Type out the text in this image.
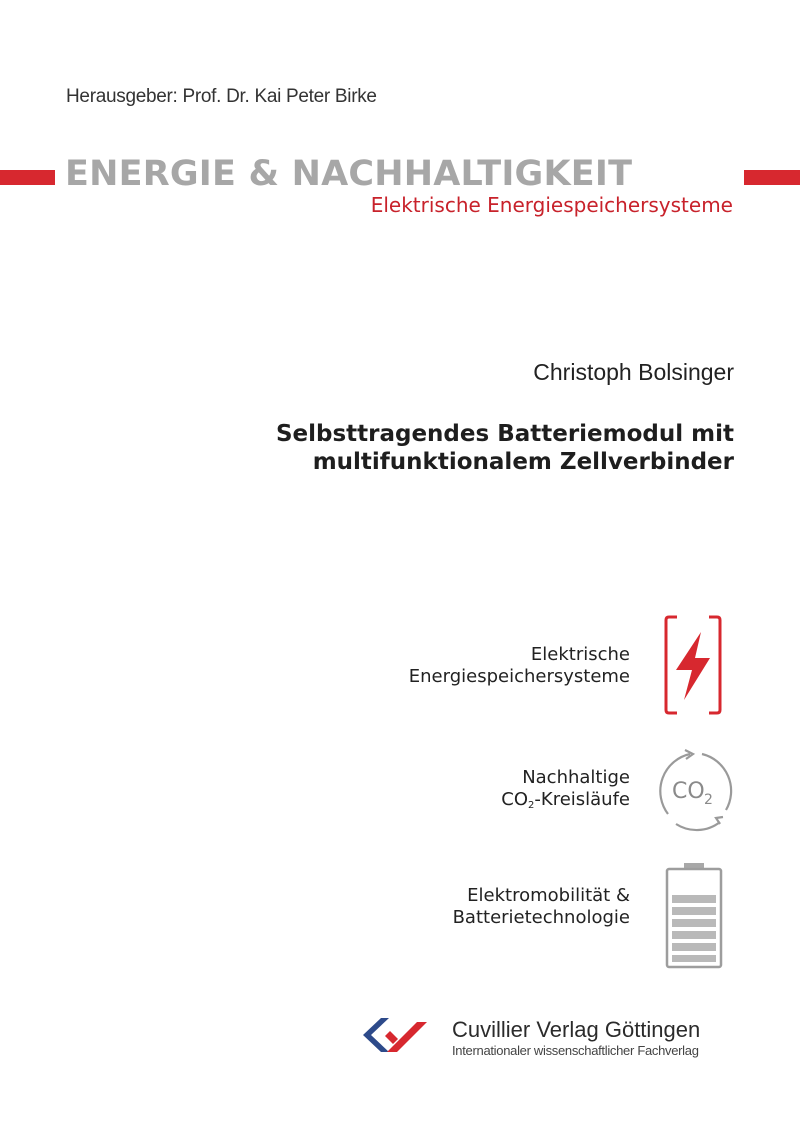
Herausgeber: Prof. Dr. Kai Peter Birke
ENERGIE & NACHHALTIGKEIT
Elektrische Energiespeichersysteme
Christoph Bolsinger
Selbsttragendes Batteriemodul mit
multifunktionalem Zellverbinder
Elektrische
Energiespeichersysteme
Nachhaltige
$CO_2$-Kreisläufe CO 2
Elektromobilität &
Batterietechnologie
Cuvillier Verlag Göttingen
Internationaler wissenschaftlicher Fachverlag
